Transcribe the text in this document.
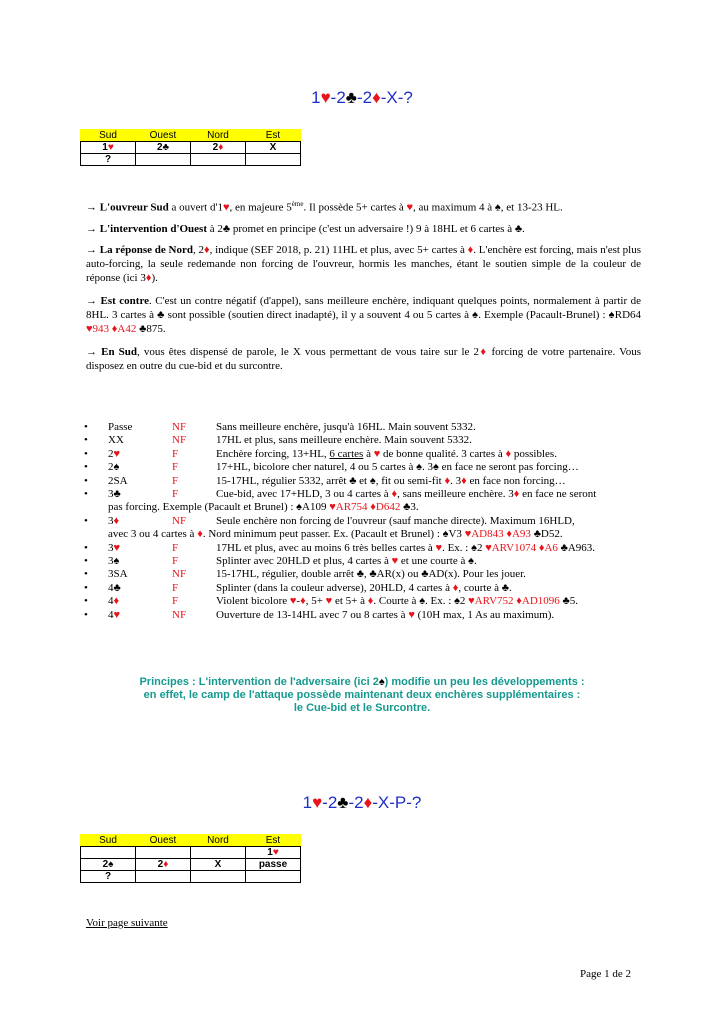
1♥-2♣-2♦-X-?
Sud	Ouest	Nord	Est
1♥	2♣	2♦	X
?			
→ L'ouvreur Sud a ouvert d'1♥, en majeure 5ème. Il possède 5+ cartes à ♥, au maximum 4 à ♠, et 13-23 HL.
→ L'intervention d'Ouest à 2♣ promet en principe (c'est un adversaire !) 9 à 18HL et 6 cartes à ♣.
→ La réponse de Nord, 2♦, indique (SEF 2018, p. 21) 11HL et plus, avec 5+ cartes à ♦. L'enchère est forcing, mais n'est plus auto-forcing, la seule redemande non forcing de l'ouvreur, hormis les manches, étant le soutien simple de la couleur de réponse (ici 3♦).
→ Est contre. C'est un contre négatif (d'appel), sans meilleure enchère, indiquant quelques points, normalement à partir de 8HL. 3 cartes à ♣ sont possible (soutien direct inadapté), il y a souvent 4 ou 5 cartes à ♠. Exemple (Pacault-Brunel) : ♠RD64 ♥943 ♦A42 ♣875.
→ En Sud, vous êtes dispensé de parole, le X vous permettant de vous taire sur le 2♦ forcing de votre partenaire. Vous disposez en outre du cue-bid et du surcontre.
• Passe	NF	Sans meilleure enchère, jusqu'à 16HL. Main souvent 5332.
• XX	NF	17HL et plus, sans meilleure enchère. Main souvent 5332.
• 2♥	F	Enchère forcing, 13+HL, 6 cartes à ♥ de bonne qualité. 3 cartes à ♦ possibles.
• 2♠	F	17+HL, bicolore cher naturel, 4 ou 5 cartes à ♠. 3♠ en face ne seront pas forcing…
• 2SA	F	15-17HL, régulier 5332, arrêt ♣ et ♠, fit ou semi-fit ♦. 3♦ en face non forcing…
• 3♣	F	Cue-bid, avec 17+HLD, 3 ou 4 cartes à ♦, sans meilleure enchère. 3♦ en face ne seront
pas forcing. Exemple (Pacault et Brunel) : ♠A109 ♥AR754 ♦D642 ♣3.
• 3♦	NF	Seule enchère non forcing de l'ouvreur (sauf manche directe). Maximum 16HLD,
avec 3 ou 4 cartes à ♦. Nord minimum peut passer. Ex. (Pacault et Brunel) : ♠V3 ♥AD843 ♦A93 ♣D52.
• 3♥	F	17HL et plus, avec au moins 6 très belles cartes à ♥. Ex. : ♠2 ♥ARV1074 ♦A6 ♣A963.
• 3♠	F	Splinter avec 20HLD et plus, 4 cartes à ♥ et une courte à ♠.
• 3SA	NF	15-17HL, régulier, double arrêt ♣, ♣AR(x) ou ♣AD(x). Pour les jouer.
• 4♣	F	Splinter (dans la couleur adverse), 20HLD, 4 cartes à ♦, courte à ♣.
• 4♦	F	Violent bicolore ♥-♦, 5+ ♥ et 5+ à ♦. Courte à ♠. Ex. : ♠2 ♥ARV752 ♦AD1096 ♣5.
• 4♥	NF	Ouverture de 13-14HL avec 7 ou 8 cartes à ♥ (10H max, 1 As au maximum).
Principes : L'intervention de l'adversaire (ici 2♠) modifie un peu les développements :
en effet, le camp de l'attaque possède maintenant deux enchères supplémentaires :
le Cue-bid et le Surcontre.
1♥-2♣-2♦-X-P-?
Sud	Ouest	Nord	Est
			1♥
2♠	2♦	X	passe
?			
Voir page suivante
Page 1 de 2
